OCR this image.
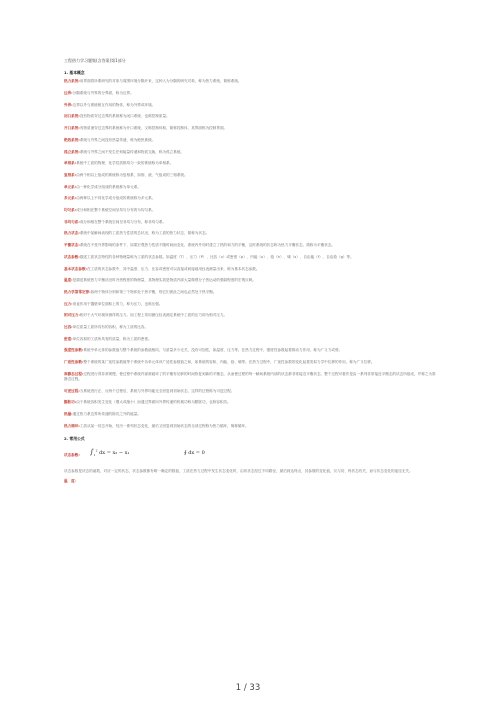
工程热力学习题集(含答案)第1部分
1. 基本概念
热力系统:用界面将所要研究的对象与周围环境分隔开来，这种人为分隔的研究对象，称为热力系统，简称系统。
边界:分隔系统与外界的分界面，称为边界。
外界:边界以外与系统相互作用的物体，称为外界或环境。
闭口系统:没有物质穿过边界的系统称为闭口系统，也称控制质量。
开口系统:有物质流穿过边界的系统称为开口系统，又称控制体积，简称控制体，其界面称为控制界面。
绝热系统:系统与外界之间没有热量传递，称为绝热系统。
孤立系统:系统与外界之间不发生任何能量传递和物质交换，称为孤立系统。
单相系:系统中工质的物理、化学性质都均匀一致的系统称为单相系。
复相系:由两个相以上组成的系统称为复相系，如固、液、气组成的三相系统。
单元系:由一种化学成分组成的系统称为单元系。
多元系:由两种以上不同化学成分组成的系统称为多元系。
均匀系:成分和相在整个系统空间呈均匀分布的为均匀系。
非均匀系:成分和相在整个系统空间呈非均匀分布，称非均匀系。
热力状态:系统中某瞬间表现的工质热力性质的总状况，称为工质的热力状态，简称为状态。
平衡状态:系统在不受外界影响的条件下，如果宏观热力性质不随时间而变化，系统内外同时建立了热的和力的平衡，这时系统的状态称为热力平衡状态，简称为平衡状态。
状态参数:描述工质状态特性的各种物理量称为工质的状态参数。如温度（T）、压力（P）、比容（υ）或密度（ρ）、内能（u）、焓（h）、熵（s）、自由能（f）、自由焓（g）等。
基本状态参数:在工质的状态参数中，其中温度、压力、比容或密度可以直接或间接地用仪表测量出来，称为基本状态参数。
温度:是描述系统热力平衡状况时冷热程度的物理量，其物理实质是物质内部大量微观分子热运动的强弱程度的宏观反映。
热力学第零定律:如两个物体分别和第三个物体处于热平衡，则它们彼此之间也必然处于热平衡。
压力:垂直作用于器壁单位面积上的力，称为压力，也称压强。
相对压力:相对于大气环境所测得的压力。如工程上常用测压仪表测定系统中工质的压力即为相对压力。
比容:单位质量工质所具有的容积，称为工质的比容。
密度:单位容积的工质所具有的质量，称为工质的密度。
强度性参数:系统中单元体的参数值与整个系统的参数值相同，与质量多少无关，没有可加性，如温度、压力等。在热力过程中，强度性参数起着推动力作用，称为广义力或势。
广延性参数:整个系统的某广延性参数值等于系统中各单元体该广延性参数值之和，如系统的容积、内能、焓、熵等。在热力过程中，广延性参数的变化起着类似力学中位移的作用，称为广义位移。
准静态过程:过程进行得非常缓慢，使过程中系统内部被破坏了的平衡有足够的时间恢复到新的平衡态，从而使过程的每一瞬间系统内部的状态都非常接近平衡状态，整个过程可看作是由一系列非常接近平衡态的状态所组成，并称之为准静态过程。
可逆过程:当系统进行正、反两个过程后，系统与外界均能完全回复到初始状态，这样的过程称为可逆过程。
膨胀功:由于系统容积发生变化（增大或缩小）而通过界面向外界传递的机械功称为膨胀功，也称容积功。
热量:通过热力系边界所传递的除功之外的能量。
热力循环:工质从某一初态开始，经历一系列状态变化，最后又回复到初始状态的全部过程称为热力循环，简称循环。
2. 常用公式
状态参数: $\int_1^2$ dx = x₂ − x₁	∮ dx = 0
状态参数是状态的函数，对应一定的状态，状态参数都有唯一确定的数值，工质在热力过程中发生状态变化时，由初状态经过不同路径，最后到达终点，其参数的变化值，仅与初、终状态有关，而与状态变化的途径无关。
温　度：
1 / 33
